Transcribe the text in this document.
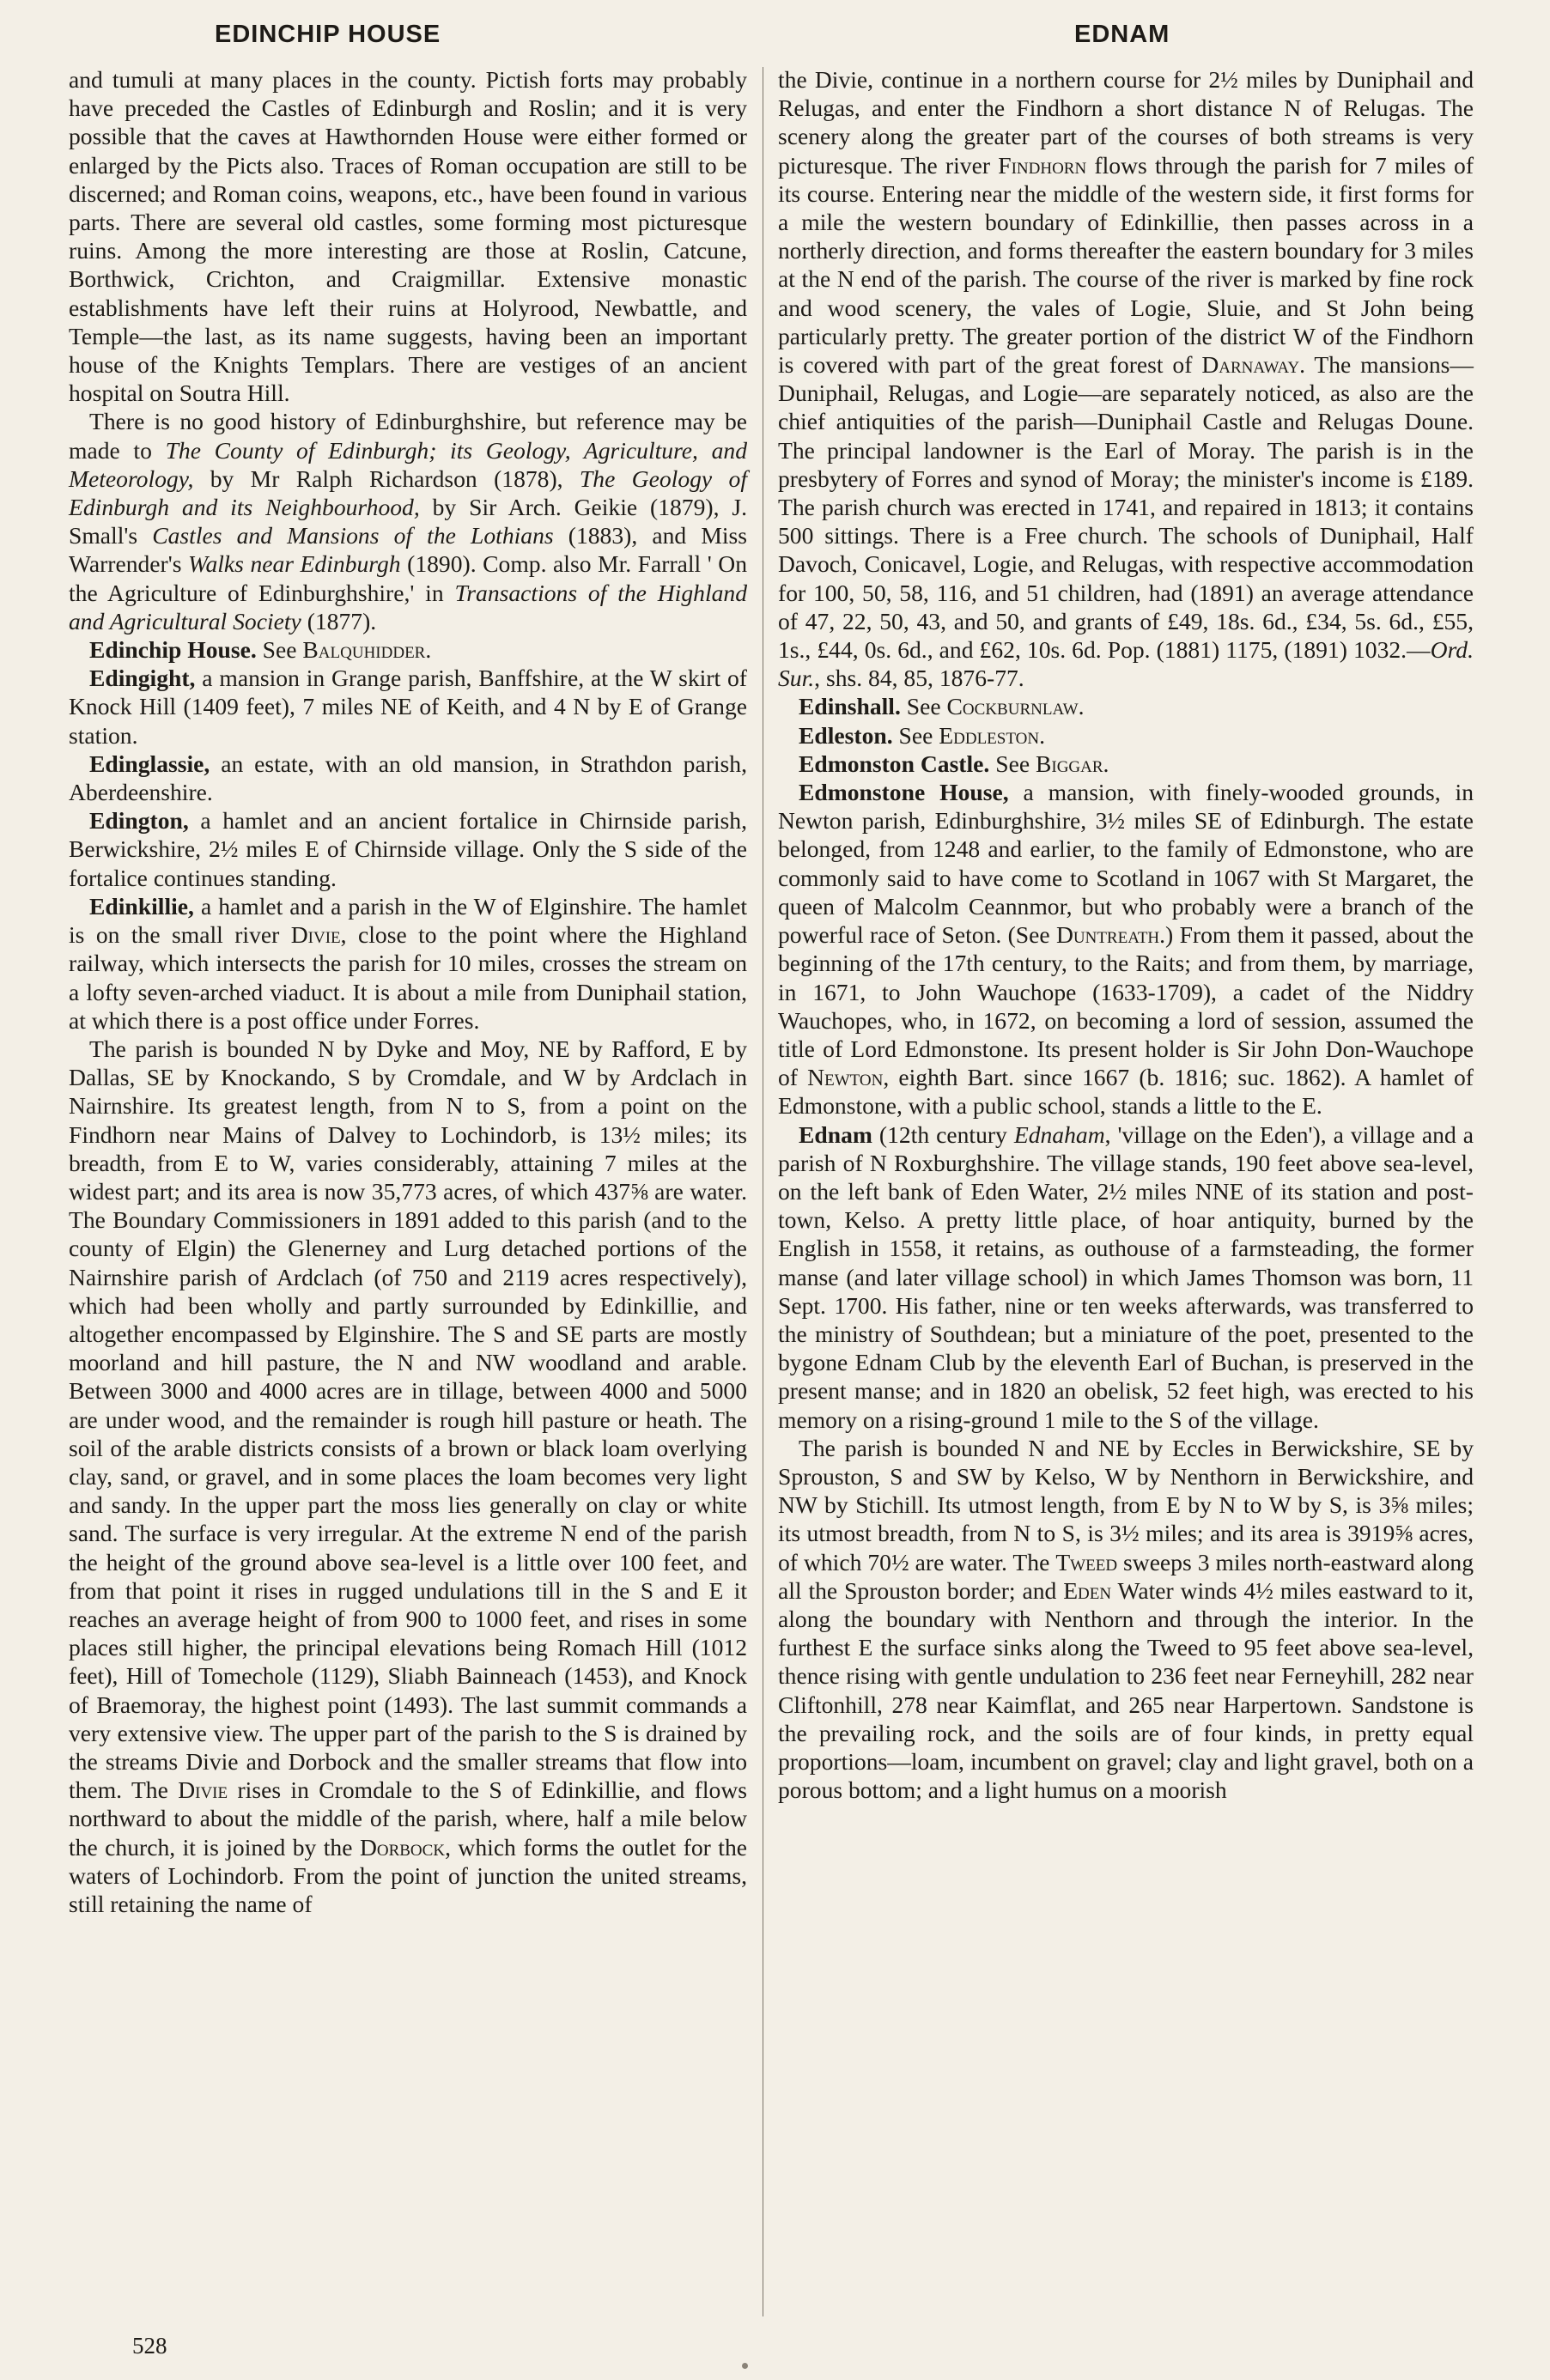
EDINCHIP HOUSE	EDNAM

and tumuli at many places in the county. Pictish forts may probably have preceded the Castles of Edinburgh and Roslin; and it is very possible that the caves at Hawthornden House were either formed or enlarged by the Picts also. Traces of Roman occupation are still to be discerned; and Roman coins, weapons, etc., have been found in various parts. There are several old castles, some forming most picturesque ruins. Among the more interesting are those at Roslin, Catcune, Borthwick, Crichton, and Craigmillar. Extensive monastic establishments have left their ruins at Holyrood, Newbattle, and Temple—the last, as its name suggests, having been an important house of the Knights Templars. There are vestiges of an ancient hospital on Soutra Hill.

There is no good history of Edinburghshire, but reference may be made to The County of Edinburgh; its Geology, Agriculture, and Meteorology, by Mr Ralph Richardson (1878), The Geology of Edinburgh and its Neighbourhood, by Sir Arch. Geikie (1879), J. Small's Castles and Mansions of the Lothians (1883), and Miss Warrender's Walks near Edinburgh (1890). Comp. also Mr. Farrall ' On the Agriculture of Edinburghshire,' in Transactions of the Highland and Agricultural Society (1877).

Edinchip House. See Balquhidder.

Edingight, a mansion in Grange parish, Banffshire, at the W skirt of Knock Hill (1409 feet), 7 miles NE of Keith, and 4 N by E of Grange station.

Edinglassie, an estate, with an old mansion, in Strathdon parish, Aberdeenshire.

Edington, a hamlet and an ancient fortalice in Chirnside parish, Berwickshire, 2½ miles E of Chirnside village. Only the S side of the fortalice continues standing.

Edinkillie, a hamlet and a parish in the W of Elginshire. The hamlet is on the small river Divie, close to the point where the Highland railway, which intersects the parish for 10 miles, crosses the stream on a lofty seven-arched viaduct. It is about a mile from Duniphail station, at which there is a post office under Forres.

The parish is bounded N by Dyke and Moy, NE by Rafford, E by Dallas, SE by Knockando, S by Cromdale, and W by Ardclach in Nairnshire. Its greatest length, from N to S, from a point on the Findhorn near Mains of Dalvey to Lochindorb, is 13½ miles; its breadth, from E to W, varies considerably, attaining 7 miles at the widest part; and its area is now 35,773 acres, of which 437⅝ are water. The Boundary Commissioners in 1891 added to this parish (and to the county of Elgin) the Glenerney and Lurg detached portions of the Nairnshire parish of Ardclach (of 750 and 2119 acres respectively), which had been wholly and partly surrounded by Edinkillie, and altogether encompassed by Elginshire. The S and SE parts are mostly moorland and hill pasture, the N and NW woodland and arable. Between 3000 and 4000 acres are in tillage, between 4000 and 5000 are under wood, and the remainder is rough hill pasture or heath. The soil of the arable districts consists of a brown or black loam overlying clay, sand, or gravel, and in some places the loam becomes very light and sandy. In the upper part the moss lies generally on clay or white sand. The surface is very irregular. At the extreme N end of the parish the height of the ground above sea-level is a little over 100 feet, and from that point it rises in rugged undulations till in the S and E it reaches an average height of from 900 to 1000 feet, and rises in some places still higher, the principal elevations being Romach Hill (1012 feet), Hill of Tomechole (1129), Sliabh Bainneach (1453), and Knock of Braemoray, the highest point (1493). The last summit commands a very extensive view. The upper part of the parish to the S is drained by the streams Divie and Dorbock and the smaller streams that flow into them. The Divie rises in Cromdale to the S of Edinkillie, and flows northward to about the middle of the parish, where, half a mile below the church, it is joined by the Dorbock, which forms the outlet for the waters of Lochindorb. From the point of junction the united streams, still retaining the name of

the Divie, continue in a northern course for 2½ miles by Duniphail and Relugas, and enter the Findhorn a short distance N of Relugas. The scenery along the greater part of the courses of both streams is very picturesque. The river Findhorn flows through the parish for 7 miles of its course. Entering near the middle of the western side, it first forms for a mile the western boundary of Edinkillie, then passes across in a northerly direction, and forms thereafter the eastern boundary for 3 miles at the N end of the parish. The course of the river is marked by fine rock and wood scenery, the vales of Logie, Sluie, and St John being particularly pretty. The greater portion of the district W of the Findhorn is covered with part of the great forest of Darnaway. The mansions—Duniphail, Relugas, and Logie—are separately noticed, as also are the chief antiquities of the parish—Duniphail Castle and Relugas Doune. The principal landowner is the Earl of Moray. The parish is in the presbytery of Forres and synod of Moray; the minister's income is £189. The parish church was erected in 1741, and repaired in 1813; it contains 500 sittings. There is a Free church. The schools of Duniphail, Half Davoch, Conicavel, Logie, and Relugas, with respective accommodation for 100, 50, 58, 116, and 51 children, had (1891) an average attendance of 47, 22, 50, 43, and 50, and grants of £49, 18s. 6d., £34, 5s. 6d., £55, 1s., £44, 0s. 6d., and £62, 10s. 6d. Pop. (1881) 1175, (1891) 1032.—Ord. Sur., shs. 84, 85, 1876-77.

Edinshall. See Cockburnlaw.

Edleston. See Eddleston.

Edmonston Castle. See Biggar.

Edmonstone House, a mansion, with finely-wooded grounds, in Newton parish, Edinburghshire, 3½ miles SE of Edinburgh. The estate belonged, from 1248 and earlier, to the family of Edmonstone, who are commonly said to have come to Scotland in 1067 with St Margaret, the queen of Malcolm Ceannmor, but who probably were a branch of the powerful race of Seton. (See Duntreath.) From them it passed, about the beginning of the 17th century, to the Raits; and from them, by marriage, in 1671, to John Wauchope (1633-1709), a cadet of the Niddry Wauchopes, who, in 1672, on becoming a lord of session, assumed the title of Lord Edmonstone. Its present holder is Sir John Don-Wauchope of Newton, eighth Bart. since 1667 (b. 1816; suc. 1862). A hamlet of Edmonstone, with a public school, stands a little to the E.

Ednam (12th century Ednaham, 'village on the Eden'), a village and a parish of N Roxburghshire. The village stands, 190 feet above sea-level, on the left bank of Eden Water, 2½ miles NNE of its station and post-town, Kelso. A pretty little place, of hoar antiquity, burned by the English in 1558, it retains, as outhouse of a farmsteading, the former manse (and later village school) in which James Thomson was born, 11 Sept. 1700. His father, nine or ten weeks afterwards, was transferred to the ministry of Southdean; but a miniature of the poet, presented to the bygone Ednam Club by the eleventh Earl of Buchan, is preserved in the present manse; and in 1820 an obelisk, 52 feet high, was erected to his memory on a rising-ground 1 mile to the S of the village.

The parish is bounded N and NE by Eccles in Berwickshire, SE by Sprouston, S and SW by Kelso, W by Nenthorn in Berwickshire, and NW by Stichill. Its utmost length, from E by N to W by S, is 3⅝ miles; its utmost breadth, from N to S, is 3½ miles; and its area is 3919⅝ acres, of which 70½ are water. The Tweed sweeps 3 miles north-eastward along all the Sprouston border; and Eden Water winds 4½ miles eastward to it, along the boundary with Nenthorn and through the interior. In the furthest E the surface sinks along the Tweed to 95 feet above sea-level, thence rising with gentle undulation to 236 feet near Ferneyhill, 282 near Cliftonhill, 278 near Kaimflat, and 265 near Harpertown. Sandstone is the prevailing rock, and the soils are of four kinds, in pretty equal proportions—loam, incumbent on gravel; clay and light gravel, both on a porous bottom; and a light humus on a moorish

528
